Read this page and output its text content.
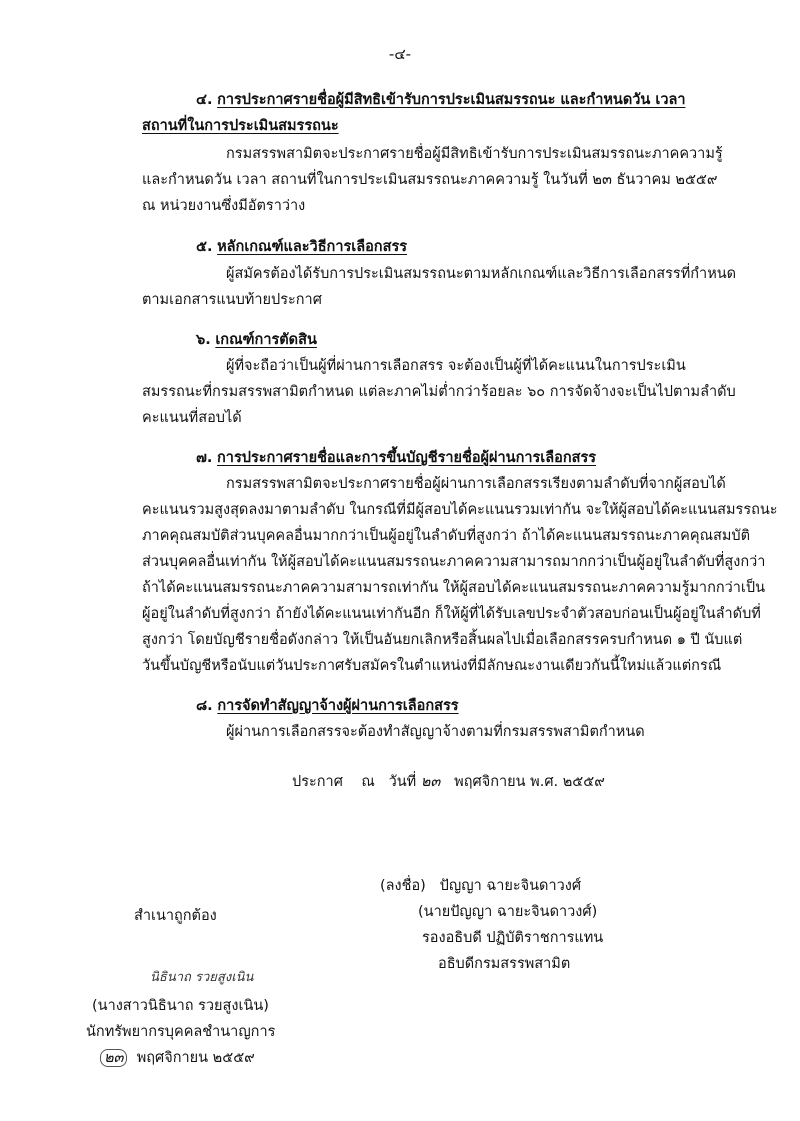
-๔-
๔. การประกาศรายชื่อผู้มีสิทธิเข้ารับการประเมินสมรรถนะ และกำหนดวัน เวลา
สถานที่ในการประเมินสมรรถนะ
กรมสรรพสามิตจะประกาศรายชื่อผู้มีสิทธิเข้ารับการประเมินสมรรถนะภาคความรู้
และกำหนดวัน เวลา สถานที่ในการประเมินสมรรถนะภาคความรู้ ในวันที่ ๒๓ ธันวาคม ๒๕๕๙
ณ หน่วยงานซึ่งมีอัตราว่าง
๕. หลักเกณฑ์และวิธีการเลือกสรร
ผู้สมัครต้องได้รับการประเมินสมรรถนะตามหลักเกณฑ์และวิธีการเลือกสรรที่กำหนด
ตามเอกสารแนบท้ายประกาศ
๖. เกณฑ์การตัดสิน
ผู้ที่จะถือว่าเป็นผู้ที่ผ่านการเลือกสรร จะต้องเป็นผู้ที่ได้คะแนนในการประเมิน
สมรรถนะที่กรมสรรพสามิตกำหนด แต่ละภาคไม่ต่ำกว่าร้อยละ ๖๐ การจัดจ้างจะเป็นไปตามลำดับ
คะแนนที่สอบได้
๗. การประกาศรายชื่อและการขึ้นบัญชีรายชื่อผู้ผ่านการเลือกสรร
กรมสรรพสามิตจะประกาศรายชื่อผู้ผ่านการเลือกสรรเรียงตามลำดับที่จากผู้สอบได้
คะแนนรวมสูงสุดลงมาตามลำดับ ในกรณีที่มีผู้สอบได้คะแนนรวมเท่ากัน จะให้ผู้สอบได้คะแนนสมรรถนะ
ภาคคุณสมบัติส่วนบุคคลอื่นมากกว่าเป็นผู้อยู่ในลำดับที่สูงกว่า ถ้าได้คะแนนสมรรถนะภาคคุณสมบัติ
ส่วนบุคคลอื่นเท่ากัน ให้ผู้สอบได้คะแนนสมรรถนะภาคความสามารถมากกว่าเป็นผู้อยู่ในลำดับที่สูงกว่า
ถ้าได้คะแนนสมรรถนะภาคความสามารถเท่ากัน ให้ผู้สอบได้คะแนนสมรรถนะภาคความรู้มากกว่าเป็น
ผู้อยู่ในลำดับที่สูงกว่า ถ้ายังได้คะแนนเท่ากันอีก ก็ให้ผู้ที่ได้รับเลขประจำตัวสอบก่อนเป็นผู้อยู่ในลำดับที่
สูงกว่า โดยบัญชีรายชื่อดังกล่าว ให้เป็นอันยกเลิกหรือสิ้นผลไปเมื่อเลือกสรรครบกำหนด ๑ ปี นับแต่
วันขึ้นบัญชีหรือนับแต่วันประกาศรับสมัครในตำแหน่งที่มีลักษณะงานเดียวกันนี้ใหม่แล้วแต่กรณี
๘. การจัดทำสัญญาจ้างผู้ผ่านการเลือกสรร
ผู้ผ่านการเลือกสรรจะต้องทำสัญญาจ้างตามที่กรมสรรพสามิตกำหนด
ประกาศ ณ วันที่ ๒๓ พฤศจิกายน พ.ศ. ๒๕๕๙
(ลงชื่อ) ปัญญา ฉายะจินดาวงศ์
(นายปัญญา ฉายะจินดาวงศ์)
รองอธิบดี ปฏิบัติราชการแทน
อธิบดีกรมสรรพสามิต
สำเนาถูกต้อง
นิธินาถ รวยสูงเนิน
(นางสาวนิธินาถ รวยสูงเนิน)
นักทรัพยากรบุคคลชำนาญการ
๒๓ พฤศจิกายน ๒๕๕๙
